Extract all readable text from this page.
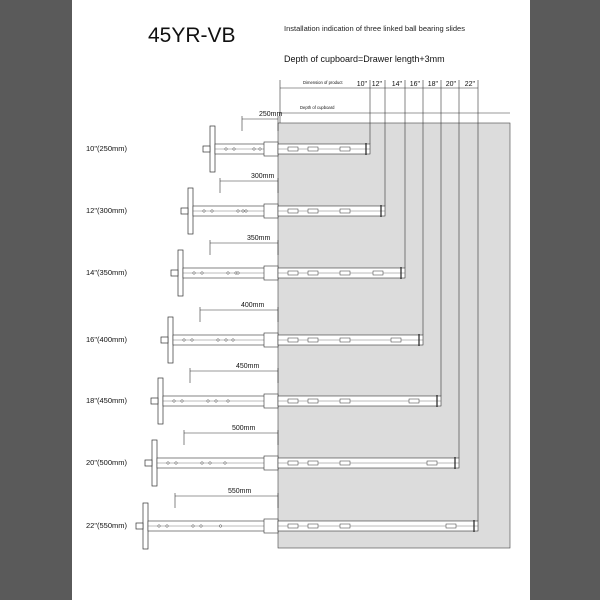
45YR-VB	Installation indication of three linked ball bearing slides
Depth of cupboard=Drawer length+3mm
Dimension of product
Depth of cupboard
10" 12" 14" 16" 18" 20" 22"
10"(250mm)
250mm
12"(300mm)
300mm
14"(350mm)
350mm
16"(400mm)
400mm
18"(450mm)
450mm
20"(500mm)
500mm
22"(550mm)
550mm
